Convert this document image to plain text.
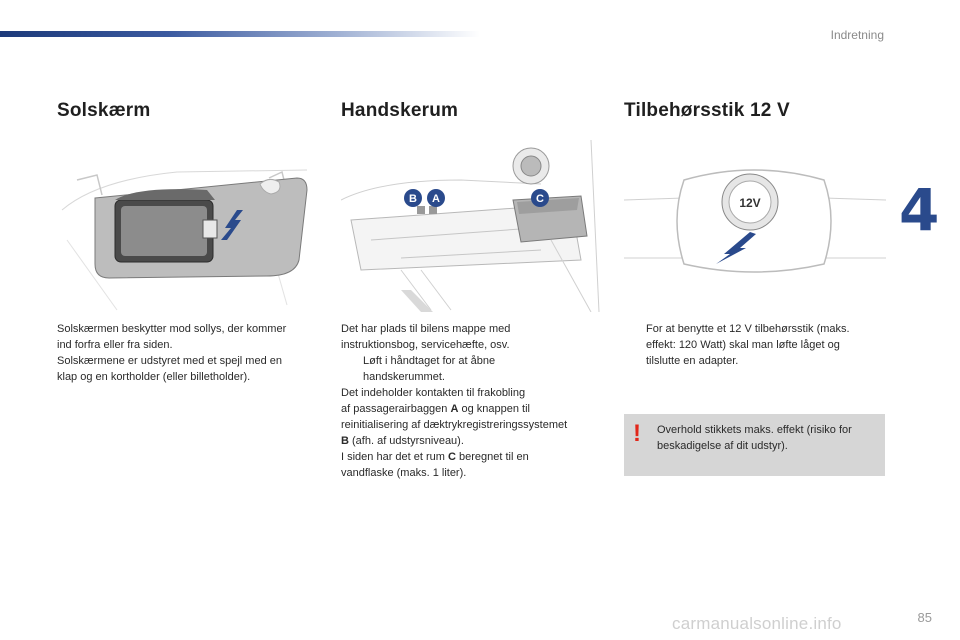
Indretning
4
Solskærm
Solskærmen beskytter mod sollys, der kommer
ind forfra eller fra siden.
Solskærmene er udstyret med et spejl med en
klap og en kortholder (eller billetholder).
Handskerum
B A	C
Det har plads til bilens mappe med
instruktionsbog, servicehæfte, osv.
Løft i håndtaget for at åbne
handskerummet.
Det indeholder kontakten til frakobling
af passagerairbaggen A og knappen til
reinitialisering af dæktrykregistreringssystemet
B (afh. af udstyrsniveau).
I siden har det et rum C beregnet til en
vandflaske (maks. 1 liter).
Tilbehørsstik 12 V
12V
For at benytte et 12 V tilbehørsstik (maks.
effekt: 120 Watt) skal man løfte låget og
tilslutte en adapter.
! Overhold stikkets maks. effekt (risiko for
beskadigelse af dit udstyr).
carmanualsonline.info	85
